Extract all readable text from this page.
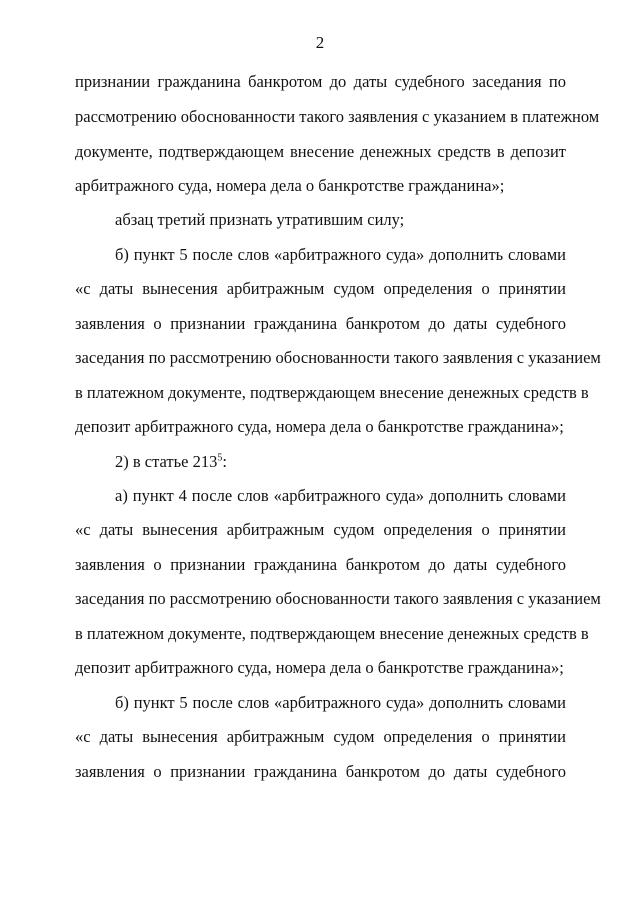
2
признании гражданина банкротом до даты судебного заседания по
рассмотрению обоснованности такого заявления с указанием в платежном
документе, подтверждающем внесение денежных средств в депозит
арбитражного суда, номера дела о банкротстве гражданина»;
абзац третий признать утратившим силу;
б) пункт 5 после слов «арбитражного суда» дополнить словами
«с даты вынесения арбитражным судом определения о принятии
заявления о признании гражданина банкротом до даты судебного
заседания по рассмотрению обоснованности такого заявления с указанием
в платежном документе, подтверждающем внесение денежных средств в
депозит арбитражного суда, номера дела о банкротстве гражданина»;
2) в статье $213^5$:
а) пункт 4 после слов «арбитражного суда» дополнить словами
«с даты вынесения арбитражным судом определения о принятии
заявления о признании гражданина банкротом до даты судебного
заседания по рассмотрению обоснованности такого заявления с указанием
в платежном документе, подтверждающем внесение денежных средств в
депозит арбитражного суда, номера дела о банкротстве гражданина»;
б) пункт 5 после слов «арбитражного суда» дополнить словами
«с даты вынесения арбитражным судом определения о принятии
заявления о признании гражданина банкротом до даты судебного
